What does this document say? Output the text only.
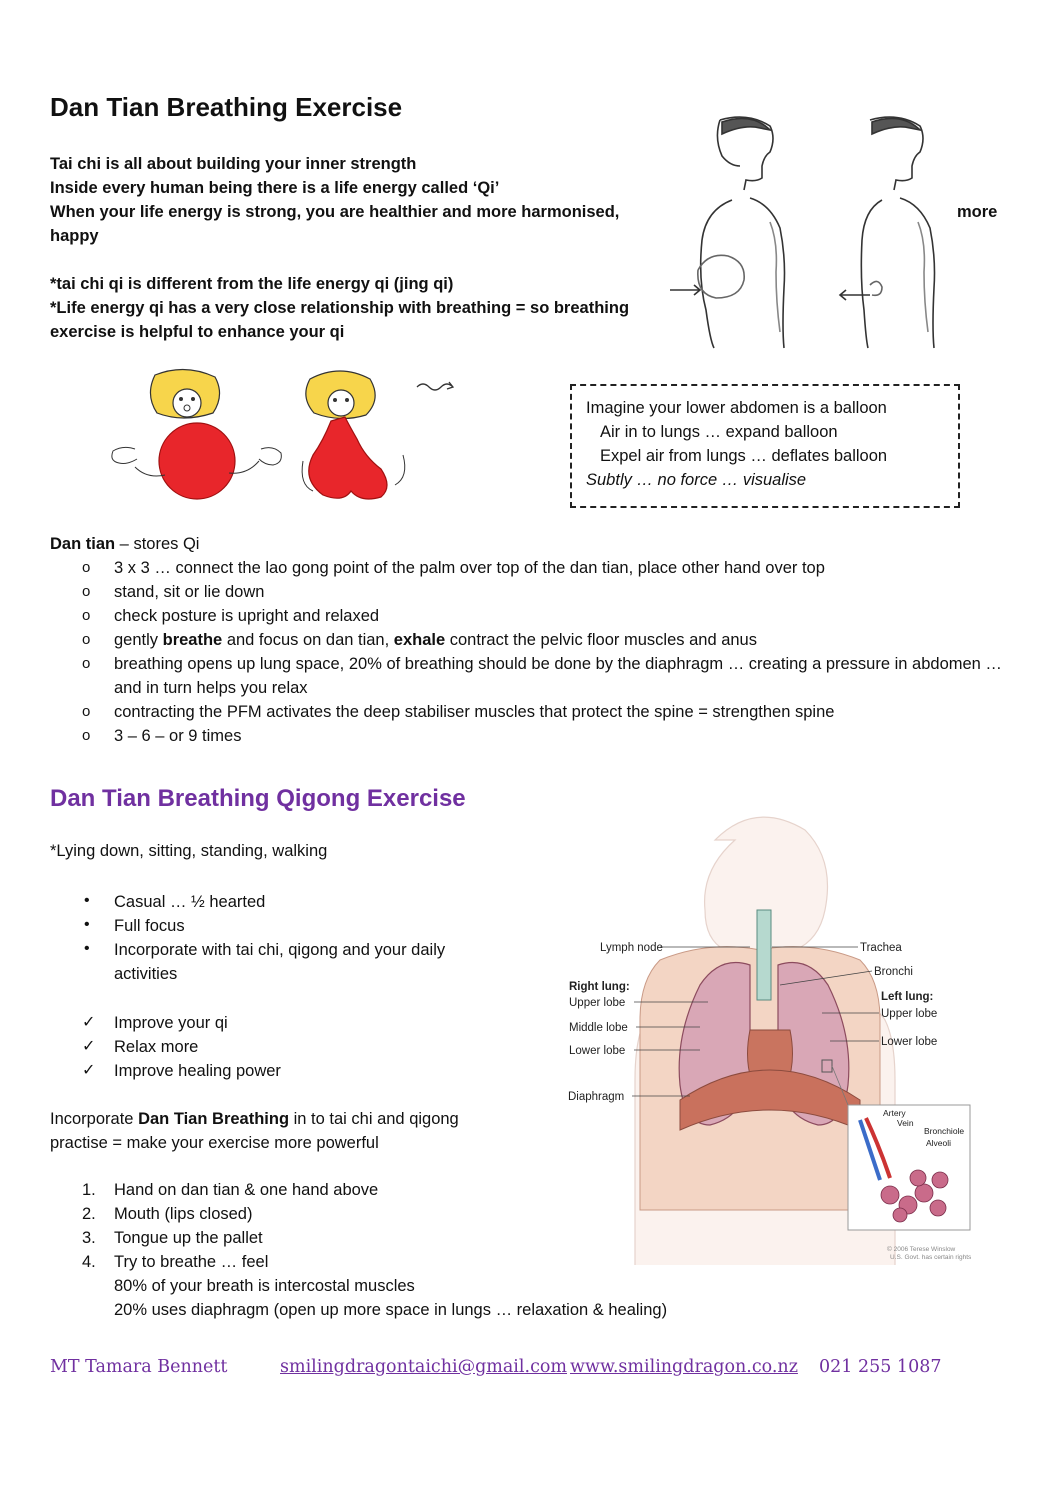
Dan Tian Breathing Exercise
Tai chi is all about building your inner strength
Inside every human being there is a life energy called ‘Qi’
When your life energy is strong, you are healthier and more harmonised,	more
happy
*tai chi qi is different from the life energy qi (jing qi)
*Life energy qi has a very close relationship with breathing = so breathing
exercise is helpful to enhance your qi
Imagine your lower abdomen is a balloon
Air in to lungs … expand balloon
Expel air from lungs … deflates balloon
Subtly … no force … visualise
Dan tian – stores Qi
o 3 x 3 … connect the lao gong point of the palm over top of the dan tian, place other hand over top
o stand, sit or lie down
o check posture is upright and relaxed
o gently breathe and focus on dan tian, exhale contract the pelvic floor muscles and anus
o breathing opens up lung space, 20% of breathing should be done by the diaphragm … creating a pressure in abdomen … and in turn helps you relax
o contracting the PFM activates the deep stabiliser muscles that protect the spine = strengthen spine
o 3 – 6 – or 9 times
Dan Tian Breathing Qigong Exercise
*Lying down, sitting, standing, walking
• Casual … ½ hearted
• Full focus
• Incorporate with tai chi, qigong and your daily activities
✓ Improve your qi
✓ Relax more
✓ Improve healing power
Incorporate Dan Tian Breathing in to tai chi and qigong practise = make your exercise more powerful
1. Hand on dan tian & one hand above
2. Mouth (lips closed)
3. Tongue up the pallet
4. Try to breathe … feel
80% of your breath is intercostal muscles
20% uses diaphragm (open up more space in lungs … relaxation & healing)
Lymph node	Trachea
Bronchi
Right lung:
Upper lobe
Middle lobe
Lower lobe
Left lung:
Upper lobe
Lower lobe
Diaphragm
Artery
Vein
Bronchiole
Alveoli
© 2006 Terese Winslow
U.S. Govt. has certain rights
MT Tamara Bennett	smilingdragontaichi@gmail.com www.smilingdragon.co.nz 021 255 1087
